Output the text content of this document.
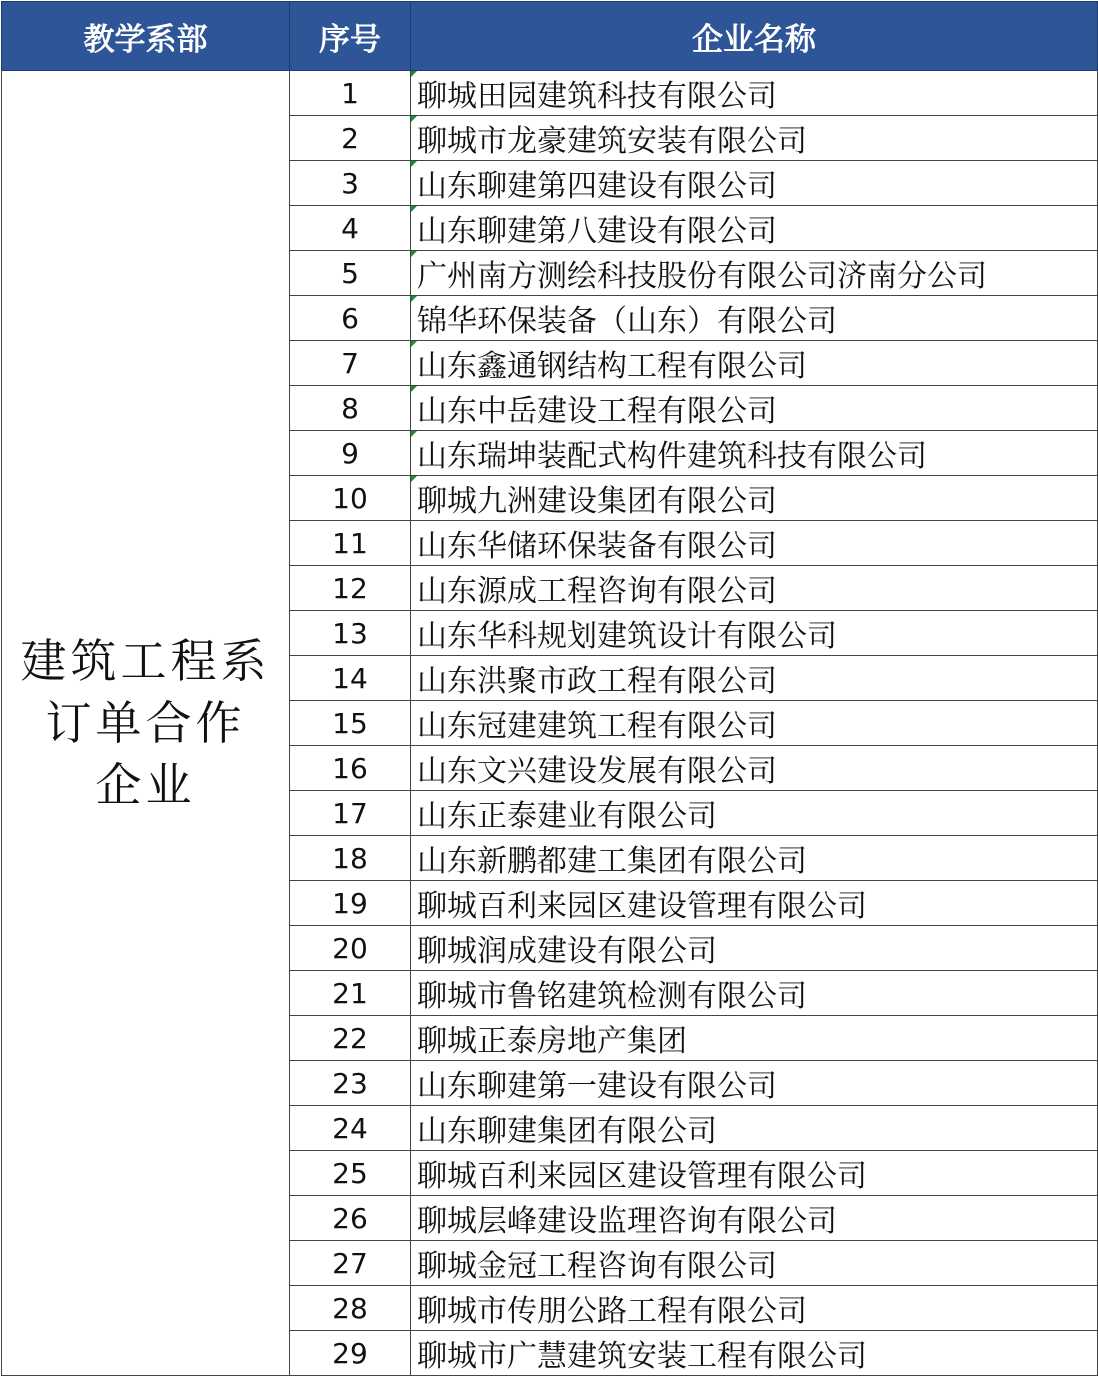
教学系部	序号	企业名称

建筑工程系
订单合作
企业	1	聊城田园建筑科技有限公司
	2	聊城市龙豪建筑安装有限公司
	3	山东聊建第四建设有限公司
	4	山东聊建第八建设有限公司
	5	广州南方测绘科技股份有限公司济南分公司
	6	锦华环保装备（山东）有限公司
	7	山东鑫通钢结构工程有限公司
	8	山东中岳建设工程有限公司
	9	山东瑞坤装配式构件建筑科技有限公司
	10	聊城九洲建设集团有限公司
	11	山东华储环保装备有限公司
	12	山东源成工程咨询有限公司
	13	山东华科规划建筑设计有限公司
	14	山东洪聚市政工程有限公司
	15	山东冠建建筑工程有限公司
	16	山东文兴建设发展有限公司
	17	山东正泰建业有限公司
	18	山东新鹏都建工集团有限公司
	19	聊城百利来园区建设管理有限公司
	20	聊城润成建设有限公司
	21	聊城市鲁铭建筑检测有限公司
	22	聊城正泰房地产集团
	23	山东聊建第一建设有限公司
	24	山东聊建集团有限公司
	25	聊城百利来园区建设管理有限公司
	26	聊城层峰建设监理咨询有限公司
	27	聊城金冠工程咨询有限公司
	28	聊城市传朋公路工程有限公司
	29	聊城市广慧建筑安装工程有限公司
